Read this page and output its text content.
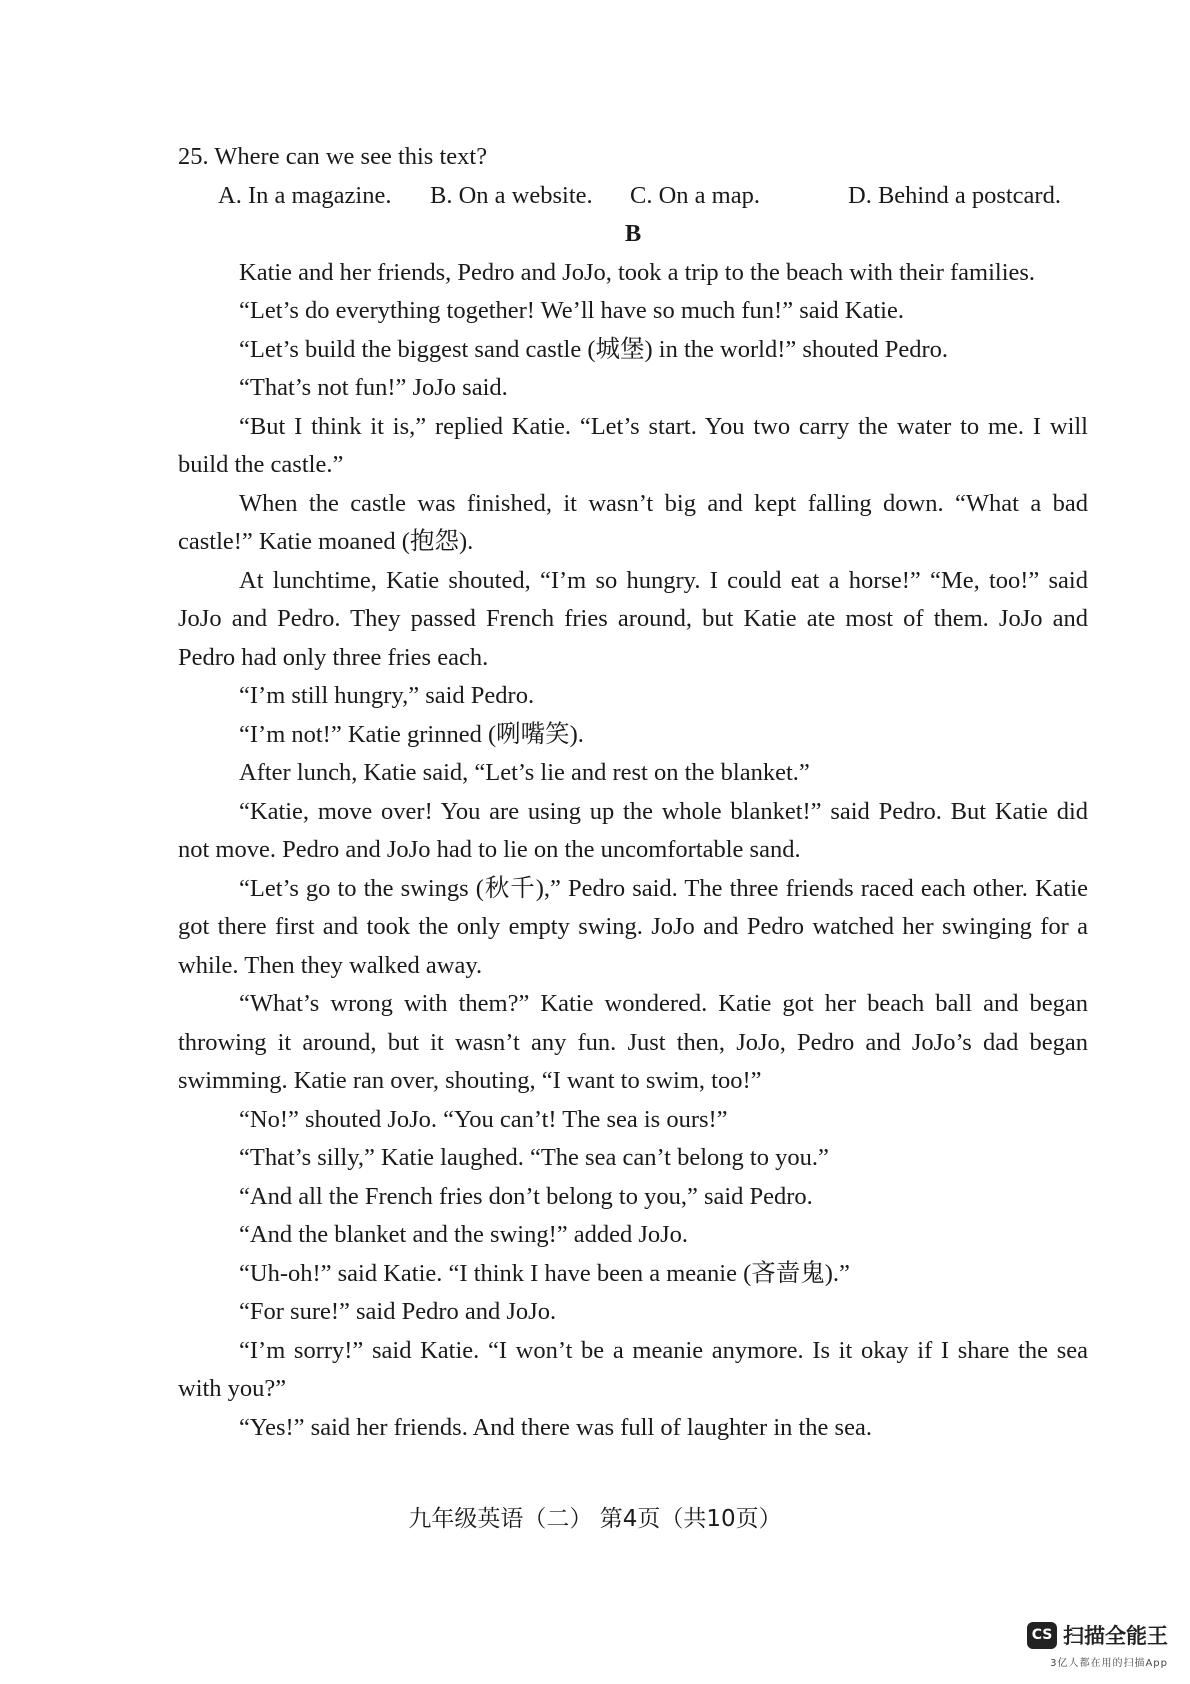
25. Where can we see this text?

A. In a magazine.	B. On a website.	C. On a map.	D. Behind a postcard.

B

Katie and her friends, Pedro and JoJo, took a trip to the beach with their families.

“Let’s do everything together! We’ll have so much fun!” said Katie.

“Let’s build the biggest sand castle (城堡) in the world!” shouted Pedro.

“That’s not fun!” JoJo said.

“But I think it is,” replied Katie. “Let’s start. You two carry the water to me. I will build the castle.”

When the castle was finished, it wasn’t big and kept falling down. “What a bad castle!” Katie moaned (抱怨).

At lunchtime, Katie shouted, “I’m so hungry. I could eat a horse!” “Me, too!” said JoJo and Pedro. They passed French fries around, but Katie ate most of them. JoJo and Pedro had only three fries each.

“I’m still hungry,” said Pedro.

“I’m not!” Katie grinned (咧嘴笑).

After lunch, Katie said, “Let’s lie and rest on the blanket.”

“Katie, move over! You are using up the whole blanket!” said Pedro. But Katie did not move. Pedro and JoJo had to lie on the uncomfortable sand.

“Let’s go to the swings (秋千),” Pedro said. The three friends raced each other. Katie got there first and took the only empty swing. JoJo and Pedro watched her swinging for a while. Then they walked away.

“What’s wrong with them?” Katie wondered. Katie got her beach ball and began throwing it around, but it wasn’t any fun. Just then, JoJo, Pedro and JoJo’s dad began swimming. Katie ran over, shouting, “I want to swim, too!”

“No!” shouted JoJo. “You can’t! The sea is ours!”

“That’s silly,” Katie laughed. “The sea can’t belong to you.”

“And all the French fries don’t belong to you,” said Pedro.

“And the blanket and the swing!” added JoJo.

“Uh-oh!” said Katie. “I think I have been a meanie (吝啬鬼).”

“For sure!” said Pedro and JoJo.

“I’m sorry!” said Katie. “I won’t be a meanie anymore. Is it okay if I share the sea with you?”

“Yes!” said her friends. And there was full of laughter in the sea.

九年级英语（二） 第4页（共10页）
CS 扫描全能王
3亿人都在用的扫描App
